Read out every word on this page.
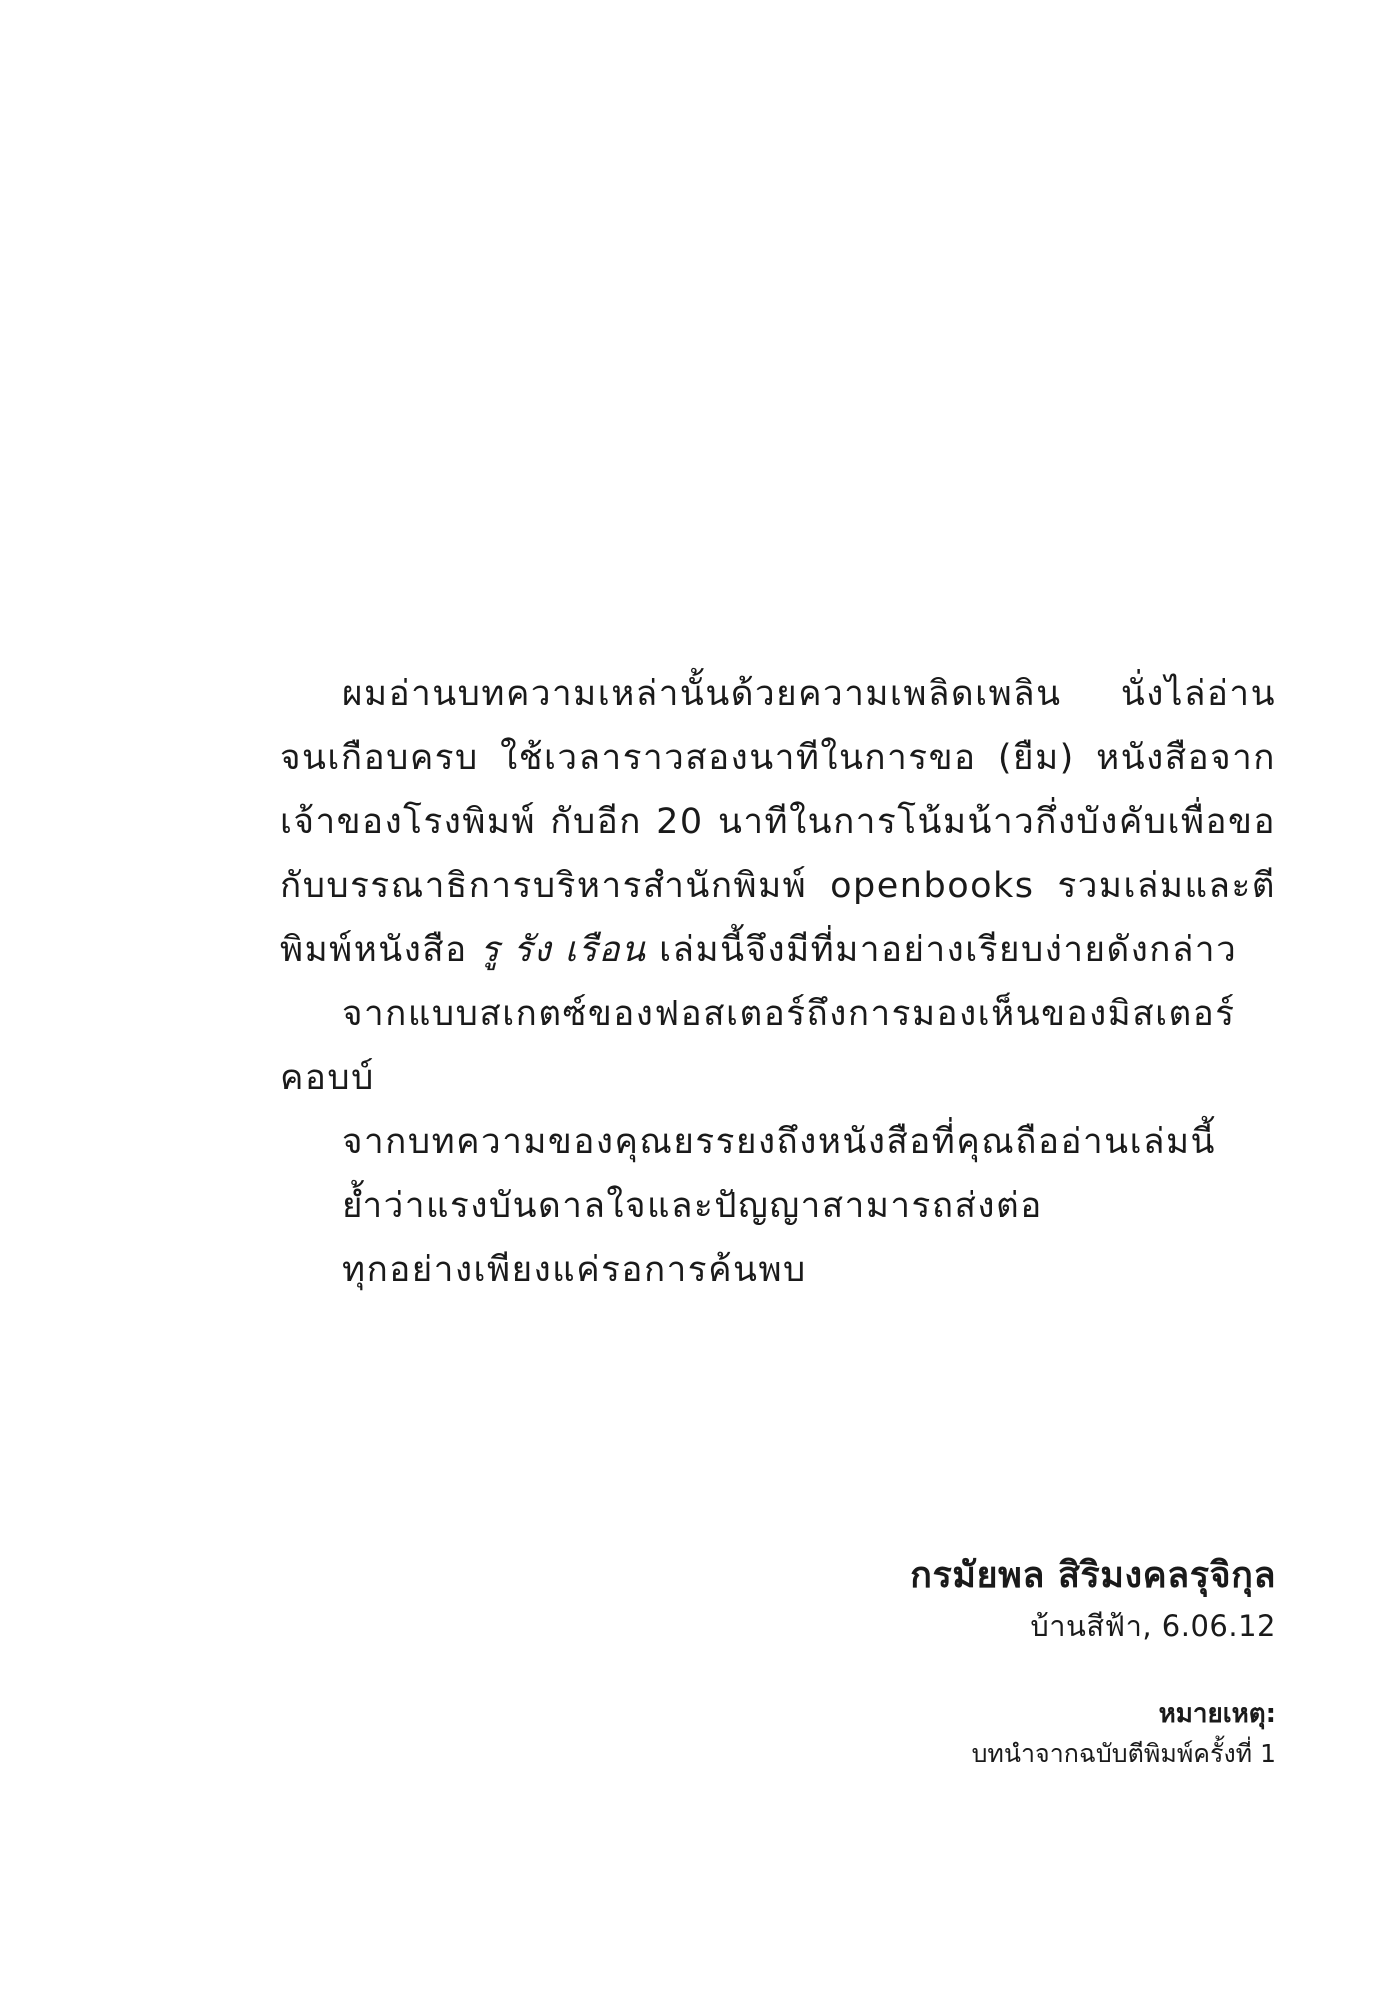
ผมอ่านบทความเหล่านั้นด้วยความเพลิดเพลิน นั่งไล่อ่านจนเกือบครบ ใช้เวลาราวสองนาทีในการขอ (ยืม) หนังสือจากเจ้าของโรงพิมพ์ กับอีก 20 นาทีในการโน้มน้าวกึ่งบังคับเพื่อขอกับบรรณาธิการบริหารสำนักพิมพ์ openbooks รวมเล่มและตีพิมพ์หนังสือ รู รัง เรือน เล่มนี้จึงมีที่มาอย่างเรียบง่ายดังกล่าว

จากแบบสเกตซ์ของฟอสเตอร์ถึงการมองเห็นของมิสเตอร์คอบบ์

จากบทความของคุณยรรยงถึงหนังสือที่คุณถืออ่านเล่มนี้
ย้ำว่าแรงบันดาลใจและปัญญาสามารถส่งต่อ
ทุกอย่างเพียงแค่รอการค้นพบ
กรมัยพล สิริมงคลรุจิกุล
บ้านสีฟ้า, 6.06.12
หมายเหตุ:
บทนำจากฉบับตีพิมพ์ครั้งที่ 1
